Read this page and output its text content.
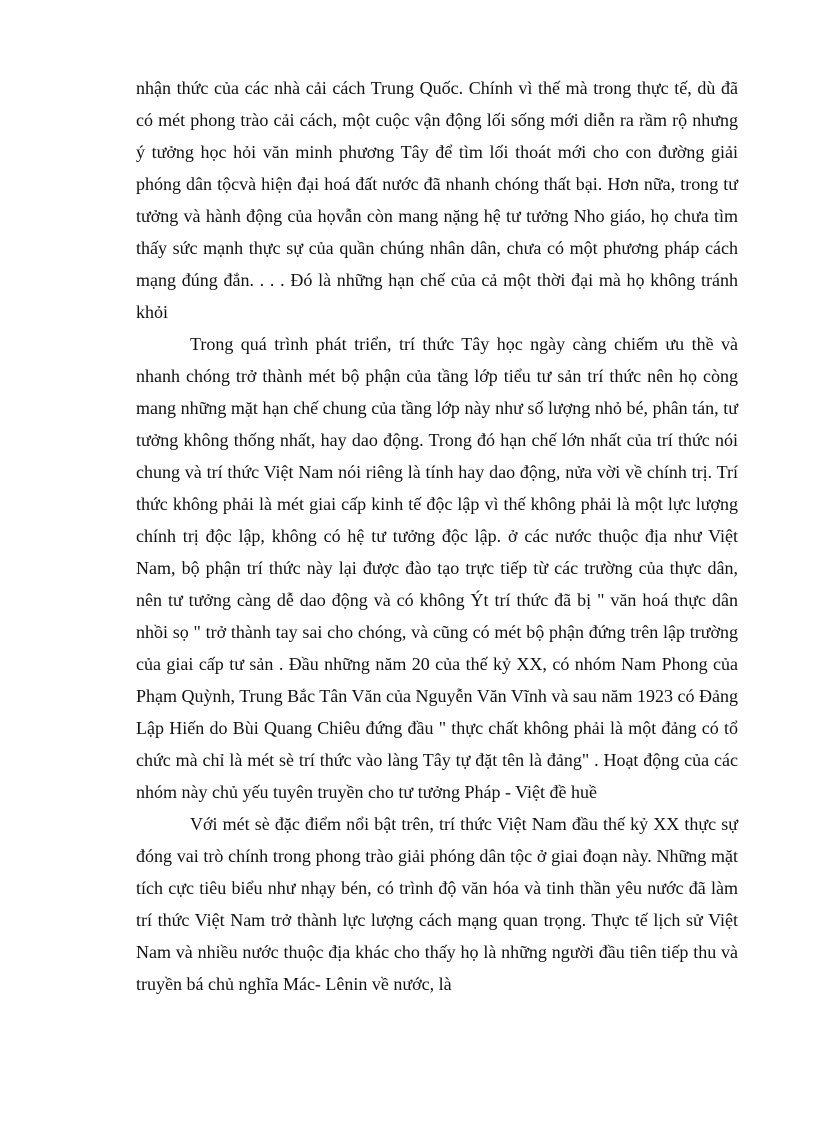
nhận thức của các nhà cải cách Trung Quốc. Chính vì thế mà trong thực tế, dù đã có mét phong trào cải cách, một cuộc vận động lối sống mới diễn ra rầm rộ nhưng ý tưởng học hỏi văn minh phương Tây để tìm lối thoát mới cho con đường giải phóng dân tộcvà hiện đại hoá đất nước đã nhanh chóng thất bại. Hơn nữa, trong tư tưởng và hành động của họvẫn còn mang nặng hệ tư tưởng Nho giáo, họ chưa tìm thấy sức mạnh thực sự của quần chúng nhân dân, chưa có một phương pháp cách mạng đúng đắn. . . . Đó là những hạn chế của cả một thời đại mà họ không tránh khỏi

Trong quá trình phát triển, trí thức Tây học ngày càng chiếm ưu thề và nhanh chóng trở thành mét bộ phận của tầng lớp tiểu tư sản trí thức nên họ còng mang những mặt hạn chế chung của tầng lớp này như số lượng nhỏ bé, phân tán, tư tưởng không thống nhất, hay dao động. Trong đó hạn chế lớn nhất của trí thức nói chung và trí thức Việt Nam nói riêng là tính hay dao động, nửa vời về chính trị. Trí thức không phải là mét giai cấp kinh tế độc lập vì thế không phải là một lực lượng chính trị độc lập, không có hệ tư tưởng độc lập. ở các nước thuộc địa như Việt Nam, bộ phận trí thức này lại được đào tạo trực tiếp từ các trường của thực dân, nên tư tưởng càng dễ dao động và có không Ýt trí thức đã bị " văn hoá thực dân nhồi sọ " trở thành tay sai cho chóng, và cũng có mét bộ phận đứng trên lập trường của giai cấp tư sản . Đầu những năm 20 của thế kỷ XX, có nhóm Nam Phong của Phạm Quỳnh, Trung Bắc Tân Văn của Nguyễn Văn Vĩnh và sau năm 1923 có Đảng Lập Hiến do Bùi Quang Chiêu đứng đầu " thực chất không phải là một đảng có tổ chức mà chỉ là mét sè trí thức vào làng Tây tự đặt tên là đảng" . Hoạt động của các nhóm này chủ yếu tuyên truyền cho tư tưởng Pháp - Việt đề huề

Với mét sè đặc điểm nổi bật trên, trí thức Việt Nam đầu thế kỷ XX thực sự đóng vai trò chính trong phong trào giải phóng dân tộc ở giai đoạn này. Những mặt tích cực tiêu biểu như nhạy bén, có trình độ văn hóa và tinh thần yêu nước đã làm trí thức Việt Nam trở thành lực lượng cách mạng quan trọng. Thực tế lịch sử Việt Nam và nhiều nước thuộc địa khác cho thấy họ là những người đầu tiên tiếp thu và truyền bá chủ nghĩa Mác- Lênin về nước, là
